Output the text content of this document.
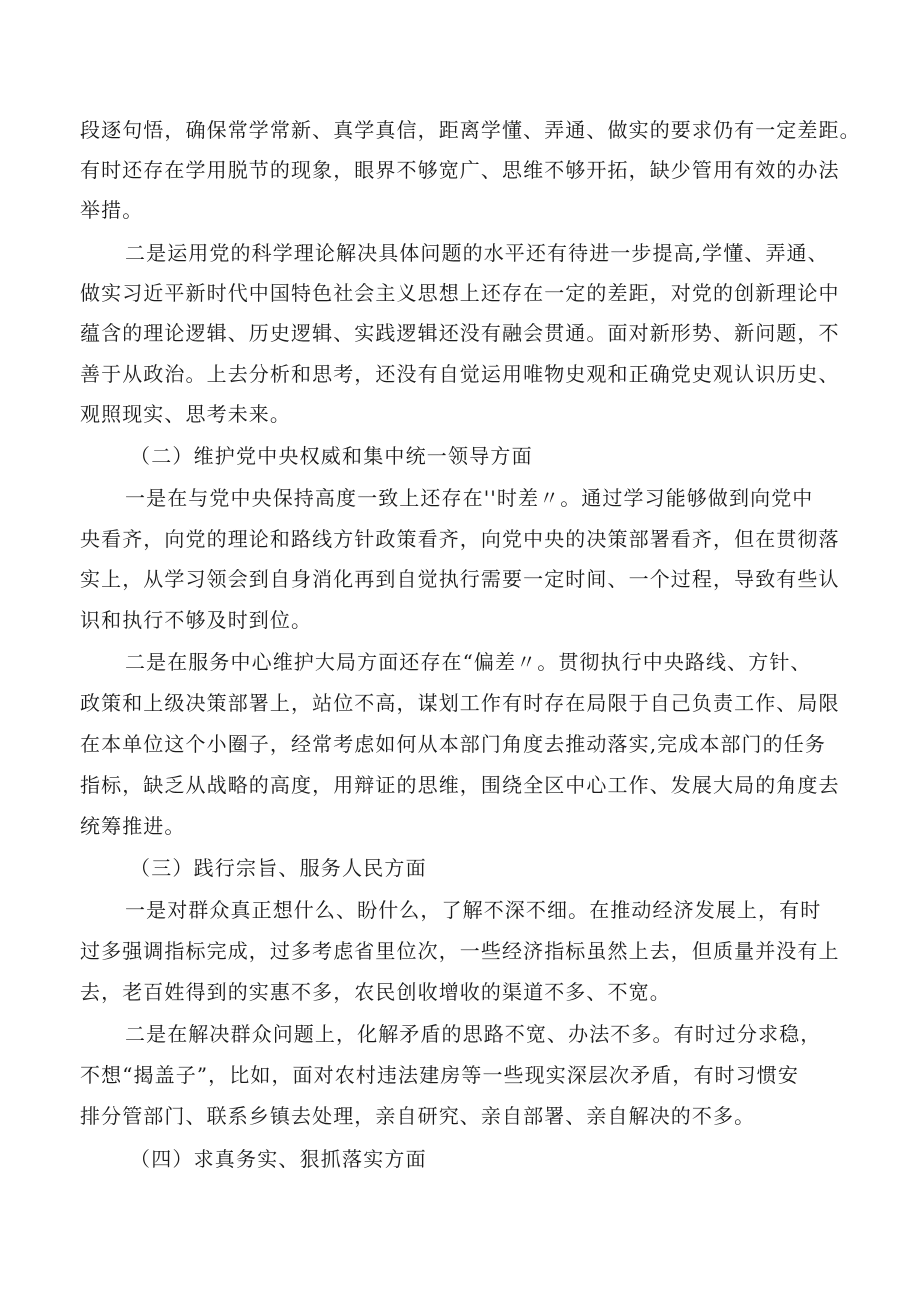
段逐句悟，确保常学常新、真学真信，距离学懂、弄通、做实的要求仍有一定差距。
有时还存在学用脱节的现象，眼界不够宽广、思维不够开拓，缺少管用有效的办法
举措。
二是运用党的科学理论解决具体问题的水平还有待进一步提高,学懂、弄通、
做实习近平新时代中国特色社会主义思想上还存在一定的差距，对党的创新理论中
蕴含的理论逻辑、历史逻辑、实践逻辑还没有融会贯通。面对新形势、新问题，不
善于从政治。上去分析和思考，还没有自觉运用唯物史观和正确党史观认识历史、
观照现实、思考未来。
（二）维护党中央权威和集中统一领导方面
一是在与党中央保持高度一致上还存在''时差〃。通过学习能够做到向党中
央看齐，向党的理论和路线方针政策看齐，向党中央的决策部署看齐，但在贯彻落
实上，从学习领会到自身消化再到自觉执行需要一定时间、一个过程，导致有些认
识和执行不够及时到位。
二是在服务中心维护大局方面还存在“偏差〃。贯彻执行中央路线、方针、
政策和上级决策部署上，站位不高，谋划工作有时存在局限于自己负责工作、局限
在本单位这个小圈子，经常考虑如何从本部门角度去推动落实,完成本部门的任务
指标，缺乏从战略的高度，用辩证的思维，围绕全区中心工作、发展大局的角度去
统筹推进。
（三）践行宗旨、服务人民方面
一是对群众真正想什么、盼什么，了解不深不细。在推动经济发展上，有时
过多强调指标完成，过多考虑省里位次，一些经济指标虽然上去，但质量并没有上
去，老百姓得到的实惠不多，农民创收增收的渠道不多、不宽。
二是在解决群众问题上，化解矛盾的思路不宽、办法不多。有时过分求稳，
不想“揭盖子”，比如，面对农村违法建房等一些现实深层次矛盾，有时习惯安
排分管部门、联系乡镇去处理，亲自研究、亲自部署、亲自解决的不多。
（四）求真务实、狠抓落实方面
